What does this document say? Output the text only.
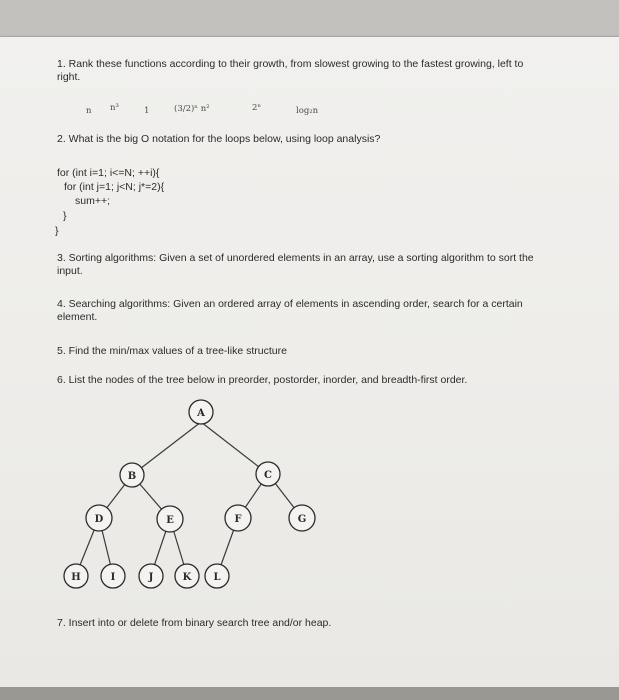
1. Rank these functions according to their growth, from slowest growing to the fastest growing, left to
right.
n n³	1	(3/2)ⁿ n²	2ⁿ	log₂n
2. What is the big O notation for the loops below, using loop analysis?
for (int i=1; i<=N; ++i){
for (int j=1; j<N; j*=2){
sum++;
}
}
3. Sorting algorithms: Given a set of unordered elements in an array, use a sorting algorithm to sort the
input.
4. Searching algorithms: Given an ordered array of elements in ascending order, search for a certain
element.
5. Find the min/max values of a tree-like structure
6. List the nodes of the tree below in preorder, postorder, inorder, and breadth-first order.
A
B	C
D	E	F	G
H	I	J	K L
7. Insert into or delete from binary search tree and/or heap.
